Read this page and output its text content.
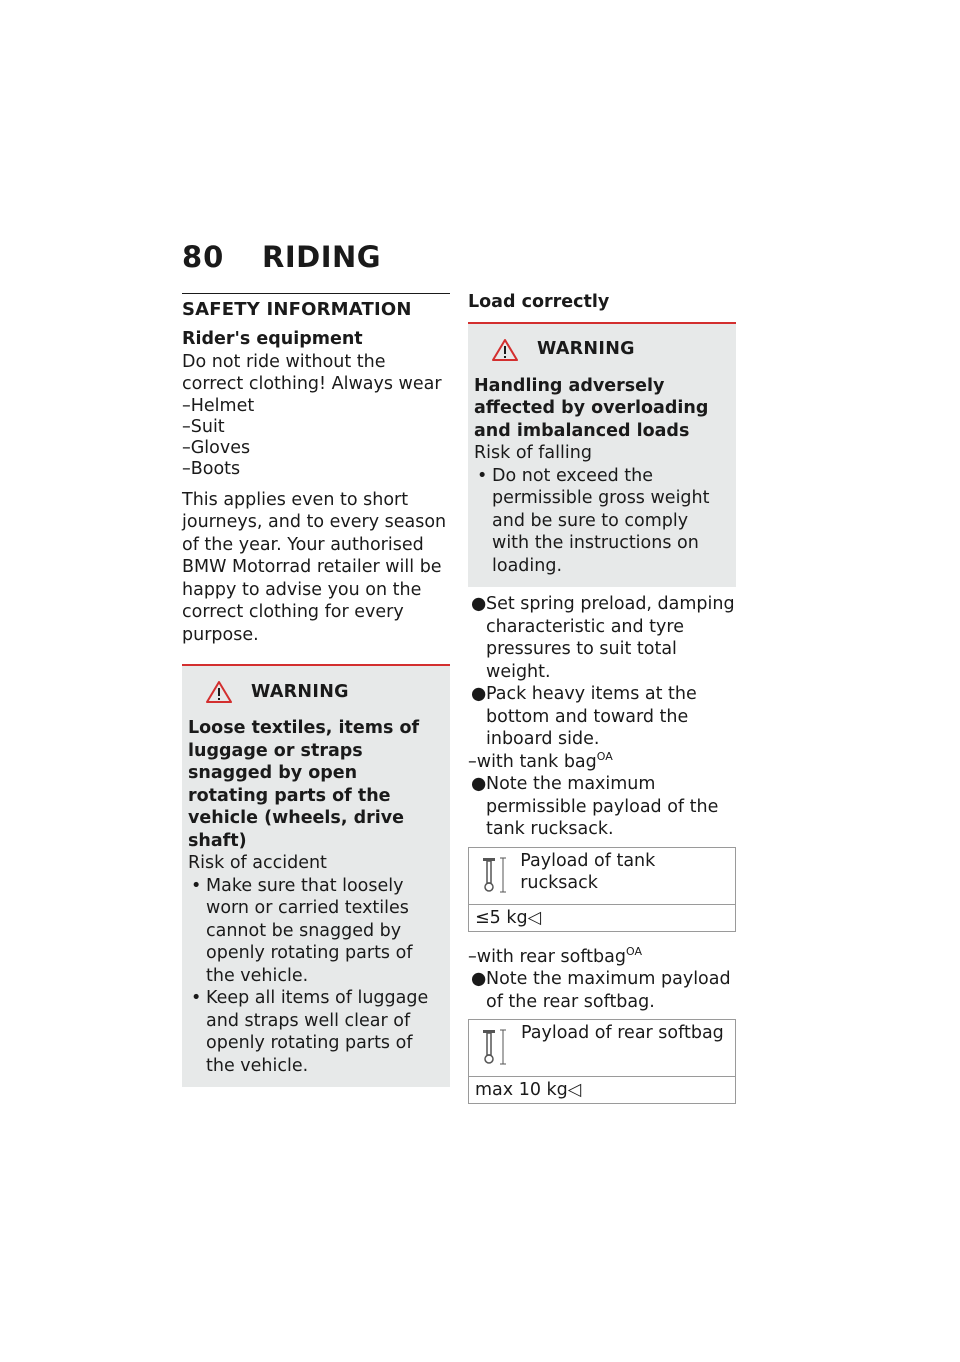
80 RIDING
SAFETY INFORMATION
Rider's equipment

Do not ride without the correct clothing! Always wear

–Helmet
–Suit
–Gloves
–Boots

This applies even to short journeys, and to every season of the year. Your authorised BMW Motorrad retailer will be happy to advise you on the correct clothing for every purpose.

WARNING
Loose textiles, items of luggage or straps snagged by open rotating parts of the vehicle (wheels, drive shaft)
Risk of accident
• Make sure that loosely worn or carried textiles cannot be snagged by openly rotating parts of the vehicle.
• Keep all items of luggage and straps well clear of openly rotating parts of the vehicle.
Load correctly
WARNING
Handling adversely affected by overloading and imbalanced loads
Risk of falling
• Do not exceed the permissible gross weight and be sure to comply with the instructions on loading.
●Set spring preload, damping characteristic and tyre pressures to suit total weight.
●Pack heavy items at the bottom and toward the inboard side.
–with tank bag$^{OA}$
●Note the maximum permissible payload of the tank rucksack.
Payload of tank rucksack
≤5 kg◁
–with rear softbag$^{OA}$
●Note the maximum payload of the rear softbag.
Payload of rear softbag
max 10 kg◁
